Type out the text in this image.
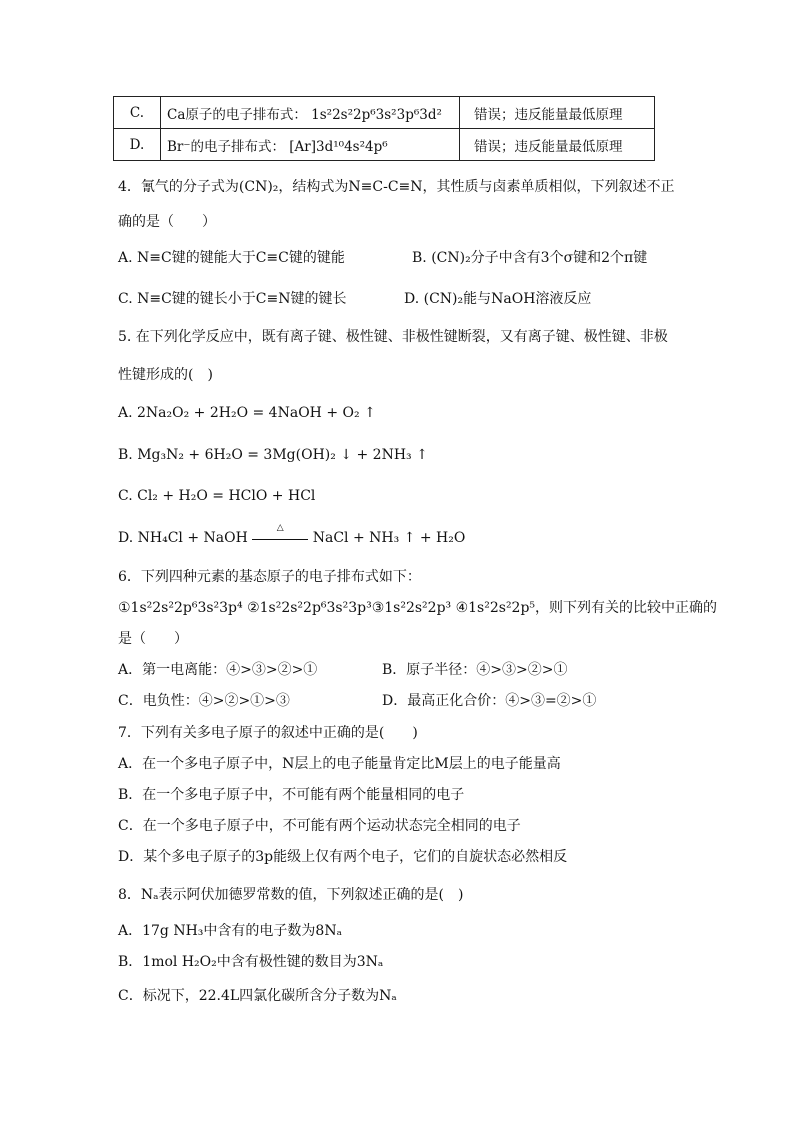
C.	Ca原子的电子排布式： 1s²2s²2p⁶3s²3p⁶3d²	错误；违反能量最低原理
D.	Br⁻的电子排布式： [Ar]3d¹⁰4s²4p⁶	错误；违反能量最低原理
4．氰气的分子式为(CN)₂，结构式为N≡C-C≡N，其性质与卤素单质相似，下列叙述不正
确的是（　　）
A. N≡C键的键能大于C≡C键的键能	B. (CN)₂分子中含有3个σ键和2个π键
C. N≡C键的键长小于C≡N键的键长	D. (CN)₂能与NaOH溶液反应
5. 在下列化学反应中，既有离子键、极性键、非极性键断裂，又有离子键、极性键、非极
性键形成的(　)
A. 2Na₂O₂ + 2H₂O = 4NaOH + O₂ ↑
B. Mg₃N₂ + 6H₂O = 3Mg(OH)₂ ↓ + 2NH₃ ↑
C. Cl₂ + H₂O = HClO + HCl
D. NH₄Cl + NaOH △ NaCl + NH₃ ↑ + H₂O
6．下列四种元素的基态原子的电子排布式如下：
①1s²2s²2p⁶3s²3p⁴ ②1s²2s²2p⁶3s²3p³③1s²2s²2p³ ④1s²2s²2p⁵，则下列有关的比较中正确的
是（　　）
A．第一电离能：④>③>②>①	B．原子半径：④>③>②>①
C．电负性：④>②>①>③	D．最高正化合价：④>③=②>①
7．下列有关多电子原子的叙述中正确的是(　　)
A．在一个多电子原子中，N层上的电子能量肯定比M层上的电子能量高
B．在一个多电子原子中，不可能有两个能量相同的电子
C．在一个多电子原子中，不可能有两个运动状态完全相同的电子
D．某个多电子原子的3p能级上仅有两个电子，它们的自旋状态必然相反
8．Nₐ表示阿伏加德罗常数的值，下列叙述正确的是(　)
A．17g NH₃中含有的电子数为8Nₐ
B．1mol H₂O₂中含有极性键的数目为3Nₐ
C．标况下，22.4L四氯化碳所含分子数为Nₐ
